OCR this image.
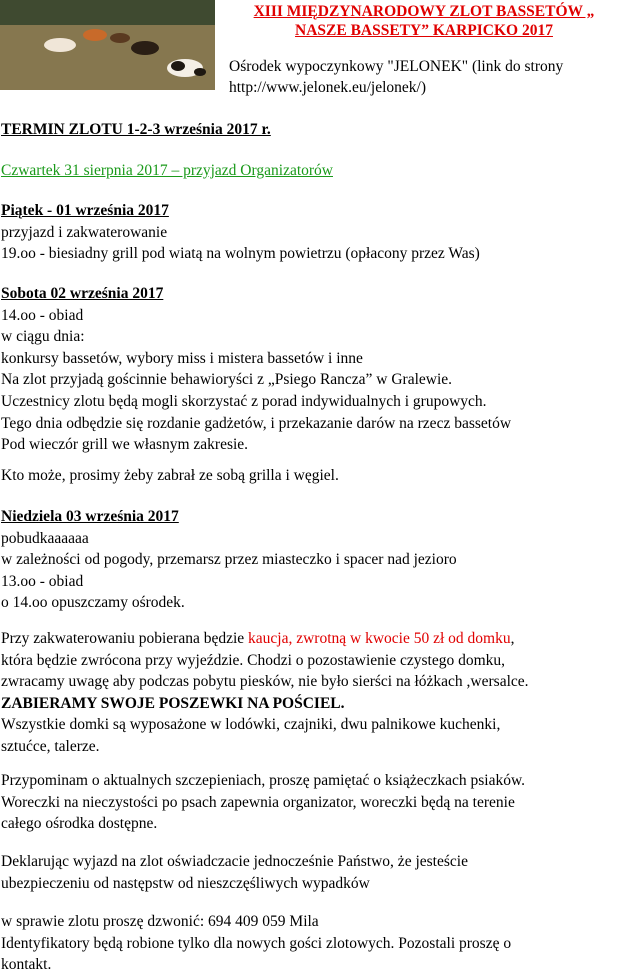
XIII MIĘDZYNARODOWY ZLOT BASSETÓW „
NASZE BASSETY” KARPICKO 2017
Ośrodek wypoczynkowy "JELONEK" (link do strony
http://www.jelonek.eu/jelonek/)
TERMIN ZLOTU 1-2-3 września 2017 r.
Czwartek 31 sierpnia 2017 – przyjazd Organizatorów
Piątek - 01 września 2017
przyjazd i zakwaterowanie
19.oo - biesiadny grill pod wiatą na wolnym powietrzu (opłacony przez Was)
Sobota 02 września 2017
14.oo - obiad
w ciągu dnia:
konkursy bassetów, wybory miss i mistera bassetów i inne
Na zlot przyjadą gościnnie behawioryści z „Psiego Rancza” w Gralewie.
Uczestnicy zlotu będą mogli skorzystać z porad indywidualnych i grupowych.
Tego dnia odbędzie się rozdanie gadżetów, i przekazanie darów na rzecz bassetów
Pod wieczór grill we własnym zakresie.
Kto może, prosimy żeby zabrał ze sobą grilla i węgiel.
Niedziela 03 września 2017
pobudkaaaaaa
w zależności od pogody, przemarsz przez miasteczko i spacer nad jezioro
13.oo - obiad
o 14.oo opuszczamy ośrodek.
Przy zakwaterowaniu pobierana będzie kaucja, zwrotną w kwocie 50 zł od domku,
która będzie zwrócona przy wyjeździe. Chodzi o pozostawienie czystego domku,
zwracamy uwagę aby podczas pobytu piesków, nie było sierści na łóżkach ,wersalce.
ZABIERAMY SWOJE POSZEWKI NA POŚCIEL.
Wszystkie domki są wyposażone w lodówki, czajniki, dwu palnikowe kuchenki,
sztućce, talerze.
Przypominam o aktualnych szczepieniach, proszę pamiętać o książeczkach psiaków.
Woreczki na nieczystości po psach zapewnia organizator, woreczki będą na terenie
całego ośrodka dostępne.
Deklarując wyjazd na zlot oświadczacie jednocześnie Państwo, że jesteście
ubezpieczeniu od następstw od nieszczęśliwych wypadków
w sprawie zlotu proszę dzwonić: 694 409 059 Mila
Identyfikatory będą robione tylko dla nowych gości zlotowych. Pozostali proszę o
kontakt.
